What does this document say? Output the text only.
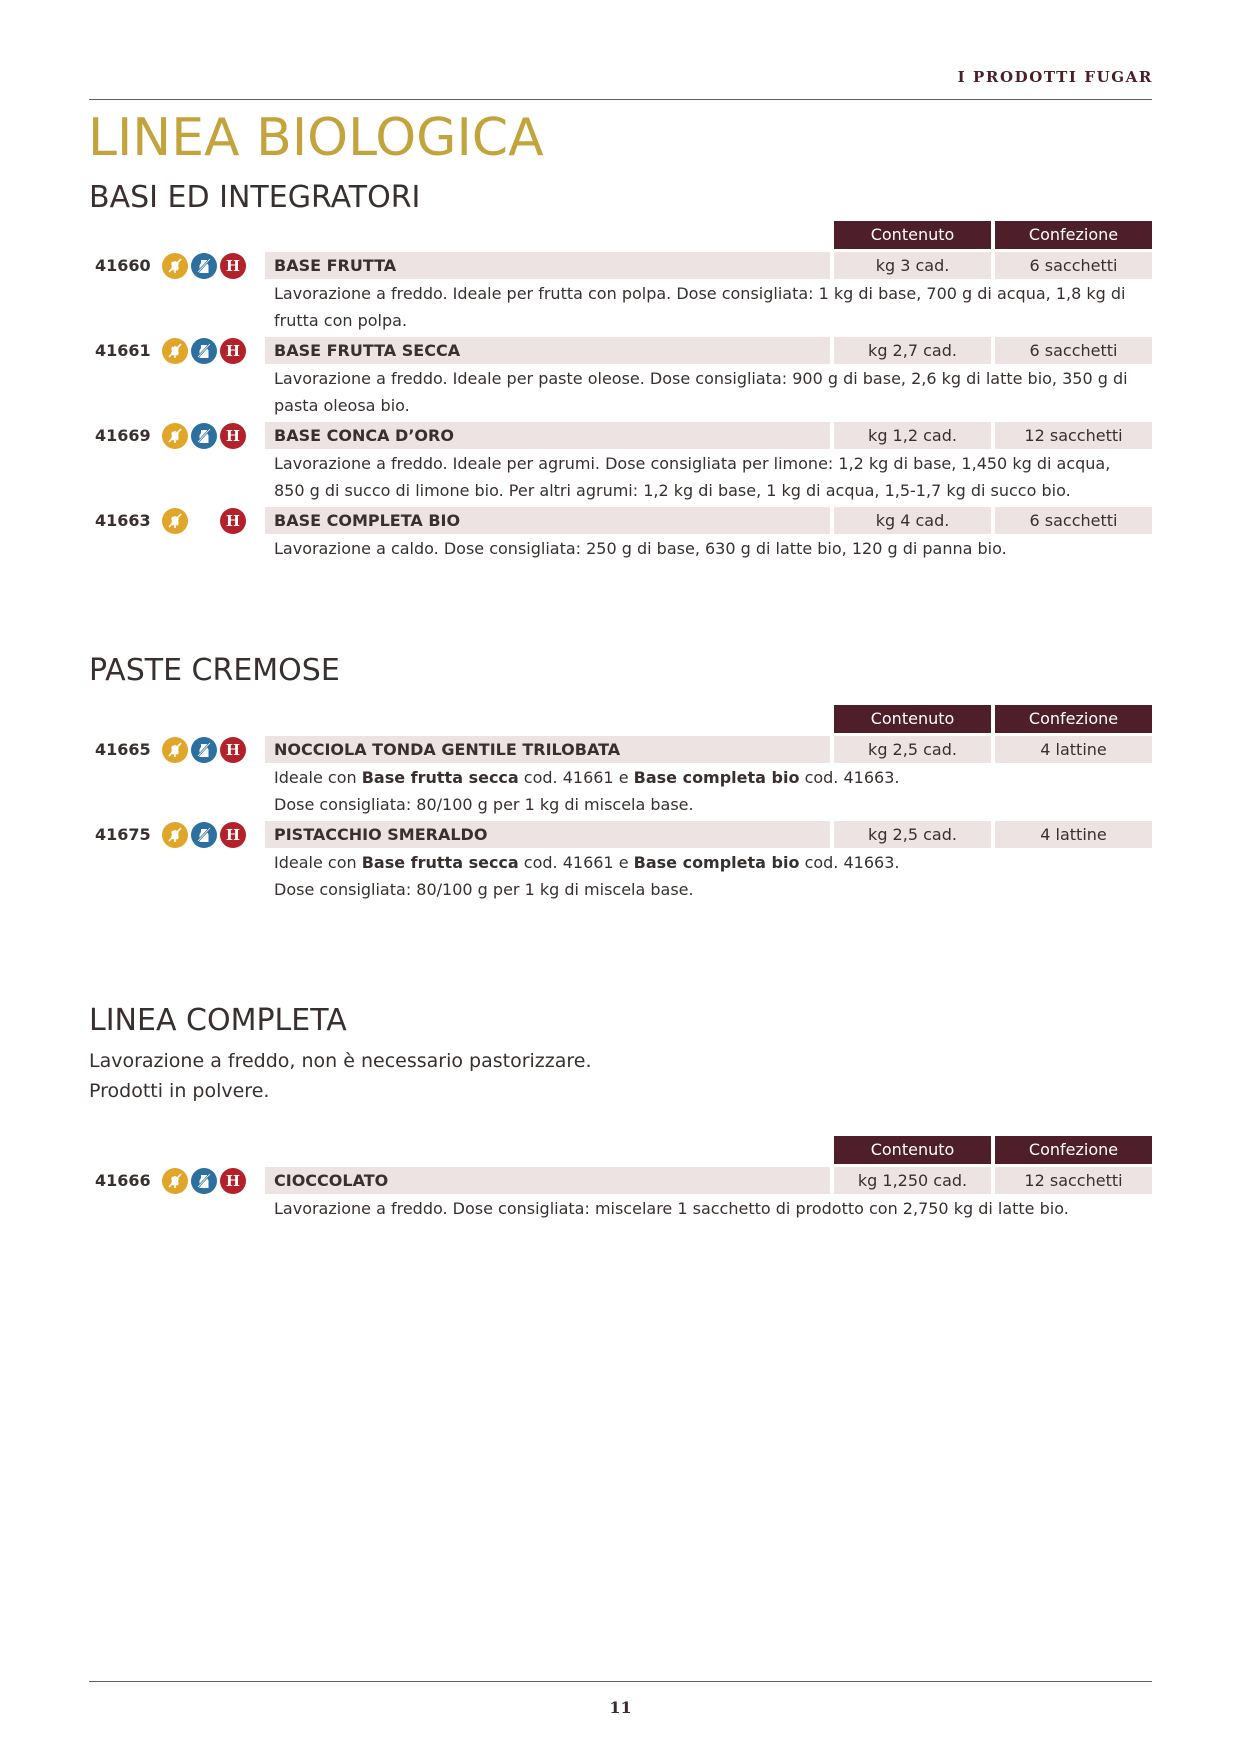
I PRODOTTI FUGAR
LINEA BIOLOGICA
BASI ED INTEGRATORI
Contenuto	Confezione
41660	H	BASE FRUTTA	kg 3 cad.	6 sacchetti
Lavorazione a freddo. Ideale per frutta con polpa. Dose consigliata: 1 kg di base, 700 g di acqua, 1,8 kg di frutta con polpa.
41661	H	BASE FRUTTA SECCA	kg 2,7 cad.	6 sacchetti
Lavorazione a freddo. Ideale per paste oleose. Dose consigliata: 900 g di base, 2,6 kg di latte bio, 350 g di pasta oleosa bio.
41669	H	BASE CONCA D’ORO	kg 1,2 cad.	12 sacchetti
Lavorazione a freddo. Ideale per agrumi. Dose consigliata per limone: 1,2 kg di base, 1,450 kg di acqua, 850 g di succo di limone bio. Per altri agrumi: 1,2 kg di base, 1 kg di acqua, 1,5-1,7 kg di succo bio.
41663	H	BASE COMPLETA BIO	kg 4 cad.	6 sacchetti
Lavorazione a caldo. Dose consigliata: 250 g di base, 630 g di latte bio, 120 g di panna bio.
PASTE CREMOSE
Contenuto	Confezione
41665	H	NOCCIOLA TONDA GENTILE TRILOBATA	kg 2,5 cad.	4 lattine
Ideale con Base frutta secca cod. 41661 e Base completa bio cod. 41663.
Dose consigliata: 80/100 g per 1 kg di miscela base.
41675	H	PISTACCHIO SMERALDO	kg 2,5 cad.	4 lattine
Ideale con Base frutta secca cod. 41661 e Base completa bio cod. 41663.
Dose consigliata: 80/100 g per 1 kg di miscela base.
LINEA COMPLETA
Lavorazione a freddo, non è necessario pastorizzare.
Prodotti in polvere.
Contenuto	Confezione
41666	H	CIOCCOLATO	kg 1,250 cad.	12 sacchetti
Lavorazione a freddo. Dose consigliata: miscelare 1 sacchetto di prodotto con 2,750 kg di latte bio.
11
